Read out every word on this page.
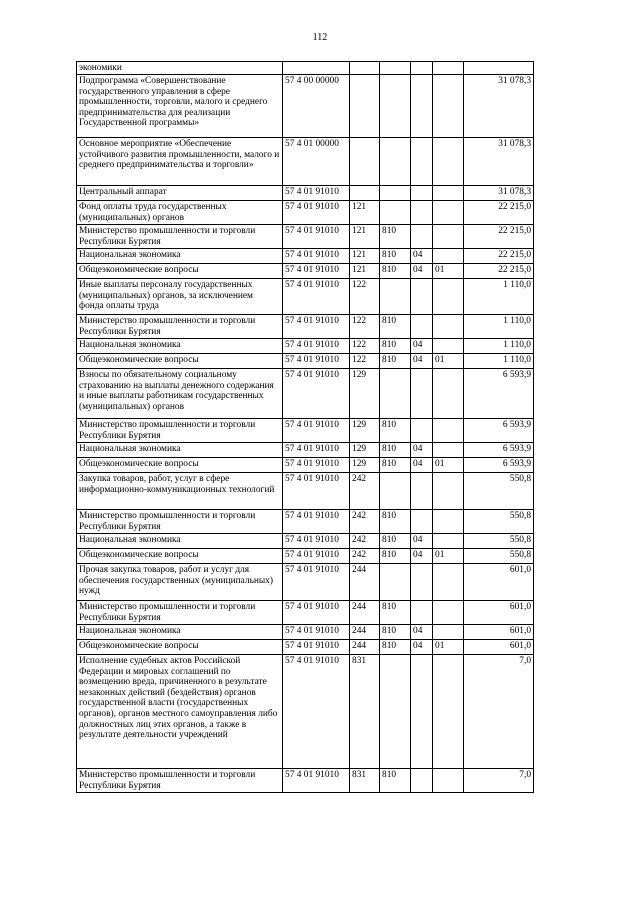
112
экономики						
Подпрограмма «Совершенствование государственного управления в сфере промышленности, торговли, малого и среднего предпринимательства для реализации Государственной программы»	57 4 00 00000					31 078,3
Основное мероприятие «Обеспечение устойчивого развития промышленности, малого и среднего предпринимательства и торговли»	57 4 01 00000					31 078,3
Центральный аппарат	57 4 01 91010					31 078,3
Фонд оплаты труда государственных (муниципальных) органов	57 4 01 91010	121				22 215,0
Министерство промышленности и торговли Республики Бурятия	57 4 01 91010	121	810			22 215,0
Национальная экономика	57 4 01 91010	121	810	04		22 215,0
Общеэкономические вопросы	57 4 01 91010	121	810	04	01	22 215,0
Иные выплаты персоналу государственных (муниципальных) органов, за исключением фонда оплаты труда	57 4 01 91010	122				1 110,0
Министерство промышленности и торговли Республики Бурятия	57 4 01 91010	122	810			1 110,0
Национальная экономика	57 4 01 91010	122	810	04		1 110,0
Общеэкономические вопросы	57 4 01 91010	122	810	04	01	1 110,0
Взносы по обязательному социальному страхованию на выплаты денежного содержания и иные выплаты работникам государственных (муниципальных) органов	57 4 01 91010	129				6 593,9
Министерство промышленности и торговли Республики Бурятия	57 4 01 91010	129	810			6 593,9
Национальная экономика	57 4 01 91010	129	810	04		6 593,9
Общеэкономические вопросы	57 4 01 91010	129	810	04	01	6 593,9
Закупка товаров, работ, услуг в сфере информационно-коммуникационных технологий	57 4 01 91010	242				550,8
Министерство промышленности и торговли Республики Бурятия	57 4 01 91010	242	810			550,8
Национальная экономика	57 4 01 91010	242	810	04		550,8
Общеэкономические вопросы	57 4 01 91010	242	810	04	01	550,8
Прочая закупка товаров, работ и услуг для обеспечения государственных (муниципальных) нужд	57 4 01 91010	244				601,0
Министерство промышленности и торговли Республики Бурятия	57 4 01 91010	244	810			601,0
Национальная экономика	57 4 01 91010	244	810	04		601,0
Общеэкономические вопросы	57 4 01 91010	244	810	04	01	601,0
Исполнение судебных актов Российской Федерации и мировых соглашений по возмещению вреда, причиненного в результате незаконных действий (бездействия) органов государственной власти (государственных органов), органов местного самоуправления либо должностных лиц этих органов, а также в результате деятельности учреждений	57 4 01 91010	831				7,0
Министерство промышленности и торговли Республики Бурятия	57 4 01 91010	831	810			7,0
